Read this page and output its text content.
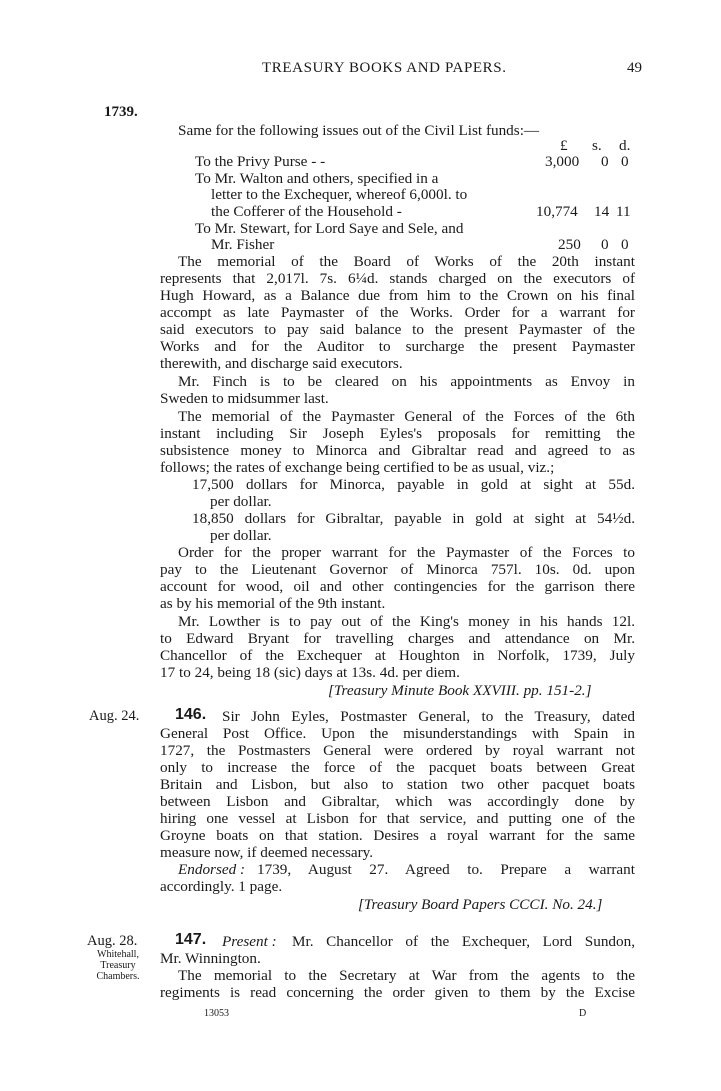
TREASURY BOOKS AND PAPERS.	49
1739.
Same for the following issues out of the Civil List funds:—
£ s. d.
To the Privy Purse - -	3,000 0 0
To Mr. Walton and others, specified in a
letter to the Exchequer, whereof 6,000l. to
the Cofferer of the Household -	10,774 14 11
To Mr. Stewart, for Lord Saye and Sele, and
Mr. Fisher	250 0 0
The memorial of the Board of Works of the 20th instant
represents that 2,017l. 7s. 6¼d. stands charged on the executors of
Hugh Howard, as a Balance due from him to the Crown on his final
accompt as late Paymaster of the Works. Order for a warrant for
said executors to pay said balance to the present Paymaster of the
Works and for the Auditor to surcharge the present Paymaster
therewith, and discharge said executors.
Mr. Finch is to be cleared on his appointments as Envoy in
Sweden to midsummer last.
The memorial of the Paymaster General of the Forces of the 6th
instant including Sir Joseph Eyles's proposals for remitting the
subsistence money to Minorca and Gibraltar read and agreed to as
follows; the rates of exchange being certified to be as usual, viz.;
17,500 dollars for Minorca, payable in gold at sight at 55d.
per dollar.
18,850 dollars for Gibraltar, payable in gold at sight at 54½d.
per dollar.
Order for the proper warrant for the Paymaster of the Forces to
pay to the Lieutenant Governor of Minorca 757l. 10s. 0d. upon
account for wood, oil and other contingencies for the garrison there
as by his memorial of the 9th instant.
Mr. Lowther is to pay out of the King's money in his hands 12l.
to Edward Bryant for travelling charges and attendance on Mr.
Chancellor of the Exchequer at Houghton in Norfolk, 1739, July
17 to 24, being 18 (sic) days at 13s. 4d. per diem.
[Treasury Minute Book XXVIII. pp. 151-2.]
Aug. 24. 146. Sir John Eyles, Postmaster General, to the Treasury, dated
General Post Office. Upon the misunderstandings with Spain in
1727, the Postmasters General were ordered by royal warrant not
only to increase the force of the pacquet boats between Great
Britain and Lisbon, but also to station two other pacquet boats
between Lisbon and Gibraltar, which was accordingly done by
hiring one vessel at Lisbon for that service, and putting one of the
Groyne boats on that station. Desires a royal warrant for the same
measure now, if deemed necessary.
Endorsed : 1739, August 27. Agreed to. Prepare a warrant
accordingly. 1 page.
[Treasury Board Papers CCCI. No. 24.]
Aug. 28.
Whitehall,
Treasury
Chambers.
147. Present : Mr. Chancellor of the Exchequer, Lord Sundon,
Mr. Winnington.
The memorial to the Secretary at War from the agents to the
regiments is read concerning the order given to them by the Excise
13053	D
